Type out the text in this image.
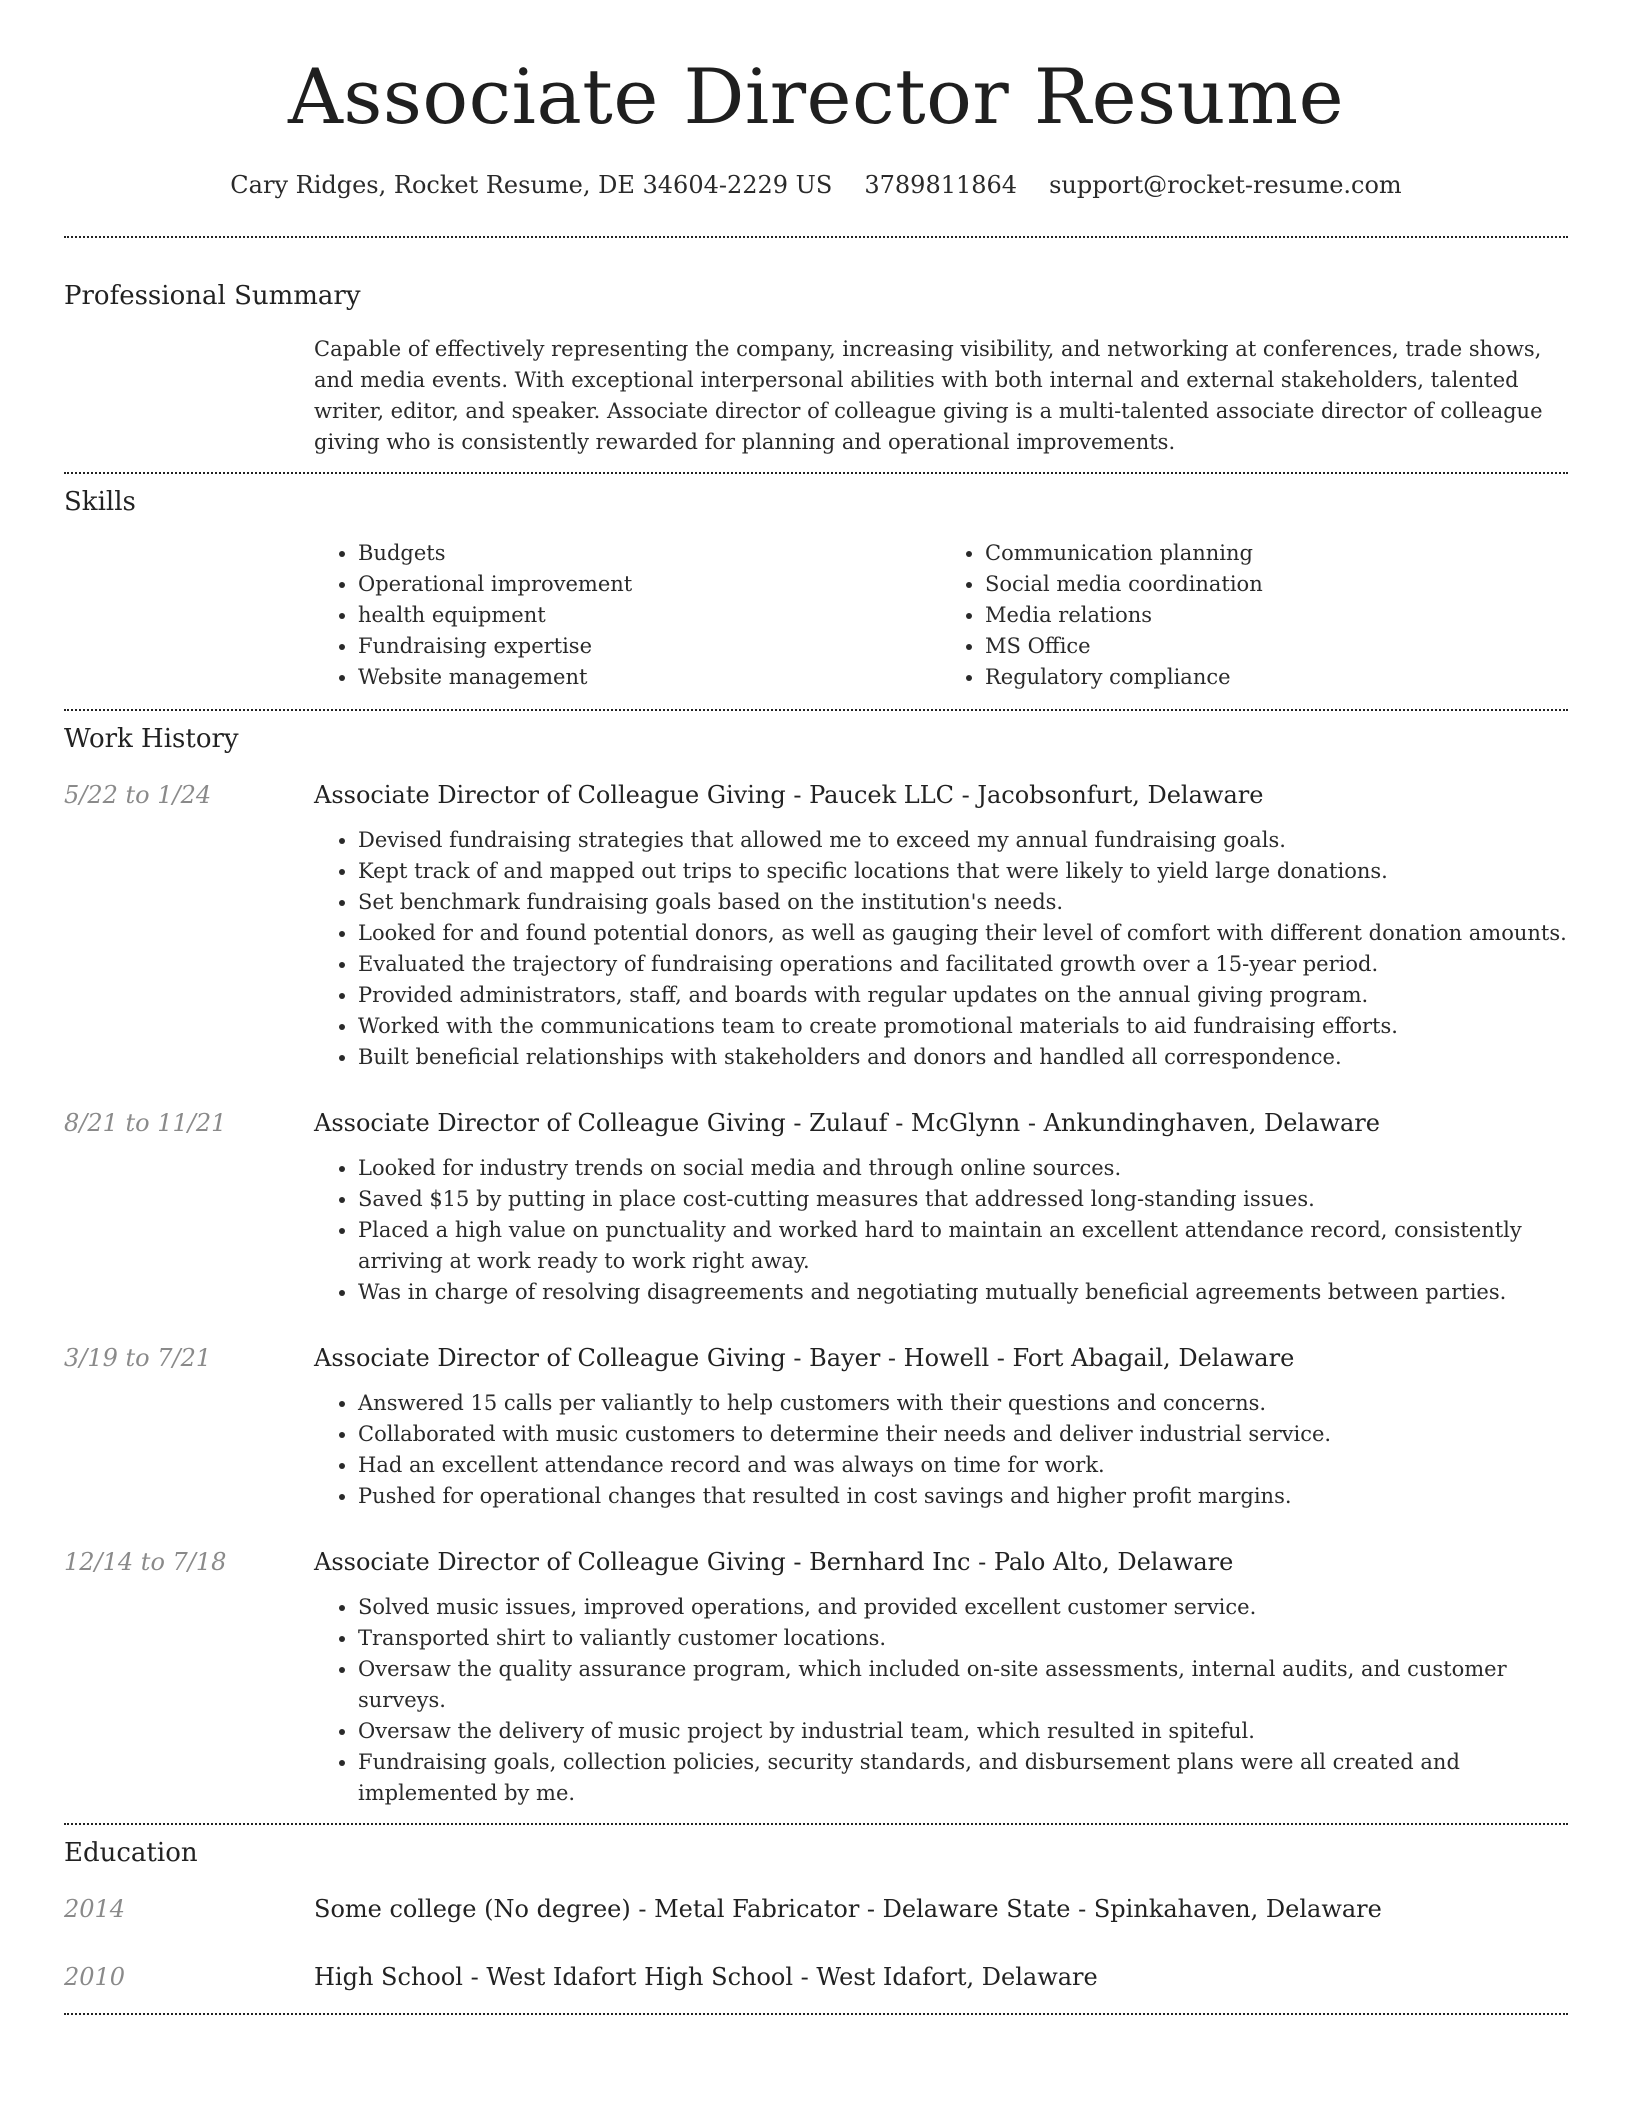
Associate Director Resume
Cary Ridges, Rocket Resume, DE 34604-2229 US 3789811864 support@rocket-resume.com
Professional Summary

Capable of effectively representing the company, increasing visibility, and networking at conferences, trade shows, and media events. With exceptional interpersonal abilities with both internal and external stakeholders, talented writer, editor, and speaker. Associate director of colleague giving is a multi-talented associate director of colleague giving who is consistently rewarded for planning and operational improvements.

Skills
• Budgets
• Operational improvement
• health equipment
• Fundraising expertise
• Website management
• Communication planning
• Social media coordination
• Media relations
• MS Office
• Regulatory compliance
Work History
5/22 to 1/24	Associate Director of Colleague Giving - Paucek LLC - Jacobsonfurt, Delaware
• Devised fundraising strategies that allowed me to exceed my annual fundraising goals.
• Kept track of and mapped out trips to specific locations that were likely to yield large donations.
• Set benchmark fundraising goals based on the institution's needs.
• Looked for and found potential donors, as well as gauging their level of comfort with different donation amounts.
• Evaluated the trajectory of fundraising operations and facilitated growth over a 15-year period.
• Provided administrators, staff, and boards with regular updates on the annual giving program.
• Worked with the communications team to create promotional materials to aid fundraising efforts.
• Built beneficial relationships with stakeholders and donors and handled all correspondence.
8/21 to 11/21	Associate Director of Colleague Giving - Zulauf - McGlynn - Ankundinghaven, Delaware
• Looked for industry trends on social media and through online sources.
• Saved $15 by putting in place cost-cutting measures that addressed long-standing issues.
• Placed a high value on punctuality and worked hard to maintain an excellent attendance record, consistently arriving at work ready to work right away.
• Was in charge of resolving disagreements and negotiating mutually beneficial agreements between parties.
3/19 to 7/21	Associate Director of Colleague Giving - Bayer - Howell - Fort Abagail, Delaware
• Answered 15 calls per valiantly to help customers with their questions and concerns.
• Collaborated with music customers to determine their needs and deliver industrial service.
• Had an excellent attendance record and was always on time for work.
• Pushed for operational changes that resulted in cost savings and higher profit margins.
12/14 to 7/18	Associate Director of Colleague Giving - Bernhard Inc - Palo Alto, Delaware
• Solved music issues, improved operations, and provided excellent customer service.
• Transported shirt to valiantly customer locations.
• Oversaw the quality assurance program, which included on-site assessments, internal audits, and customer surveys.
• Oversaw the delivery of music project by industrial team, which resulted in spiteful.
• Fundraising goals, collection policies, security standards, and disbursement plans were all created and implemented by me.
Education
2014	Some college (No degree) - Metal Fabricator - Delaware State - Spinkahaven, Delaware
2010	High School - West Idafort High School - West Idafort, Delaware
